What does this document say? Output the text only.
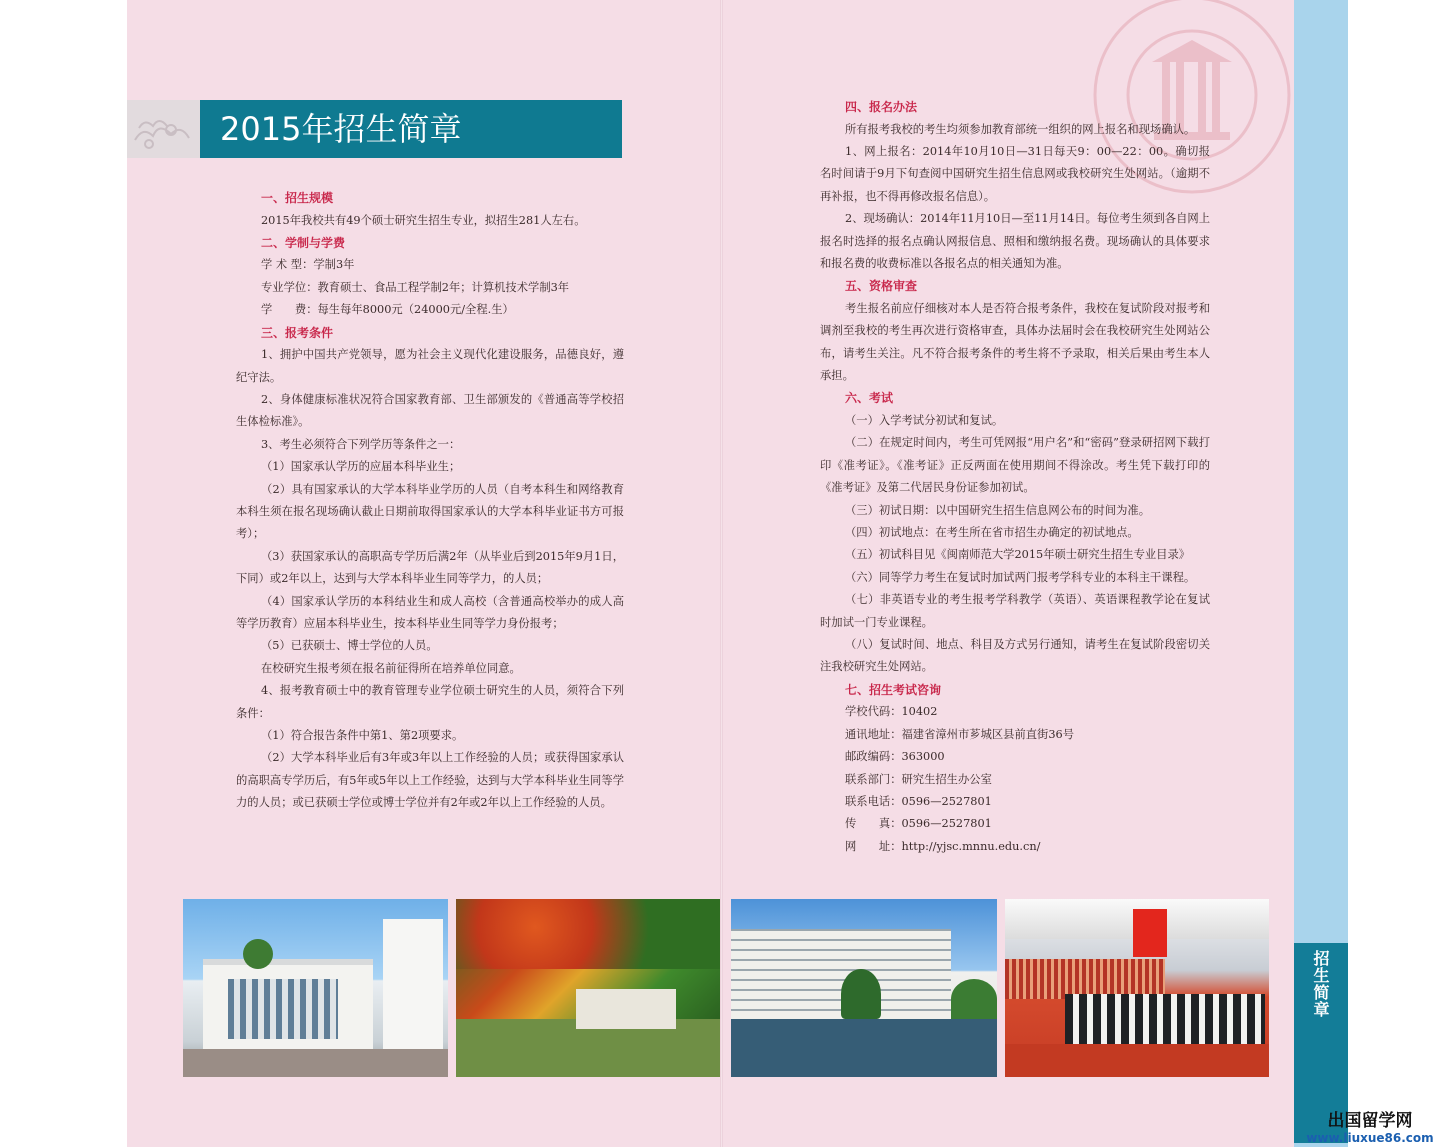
招生简章
2015年招生简章
一、招生规模
2015年我校共有49个硕士研究生招生专业，拟招生281人左右。
二、学制与学费
学 术 型：学制3年
专业学位：教育硕士、食品工程学制2年；计算机技术学制3年
学　　费：每生每年8000元（24000元/全程.生）
三、报考条件
1、拥护中国共产党领导，愿为社会主义现代化建设服务，品德良好，遵纪守法。
2、身体健康标准状况符合国家教育部、卫生部颁发的《普通高等学校招生体检标准》。
3、考生必须符合下列学历等条件之一：
（1）国家承认学历的应届本科毕业生；
（2）具有国家承认的大学本科毕业学历的人员（自考本科生和网络教育本科生须在报名现场确认截止日期前取得国家承认的大学本科毕业证书方可报考）；
（3）获国家承认的高职高专学历后满2年（从毕业后到2015年9月1日，下同）或2年以上，达到与大学本科毕业生同等学力，的人员；
（4）国家承认学历的本科结业生和成人高校（含普通高校举办的成人高等学历教育）应届本科毕业生，按本科毕业生同等学力身份报考；
（5）已获硕士、博士学位的人员。
在校研究生报考须在报名前征得所在培养单位同意。
4、报考教育硕士中的教育管理专业学位硕士研究生的人员，须符合下列条件：
（1）符合报告条件中第1、第2项要求。
（2）大学本科毕业后有3年或3年以上工作经验的人员；或获得国家承认的高职高专学历后，有5年或5年以上工作经验，达到与大学本科毕业生同等学力的人员；或已获硕士学位或博士学位并有2年或2年以上工作经验的人员。
四、报名办法
所有报考我校的考生均须参加教育部统一组织的网上报名和现场确认。
1、网上报名：2014年10月10日—31日每天9：00—22：00。确切报名时间请于9月下旬查阅中国研究生招生信息网或我校研究生处网站。（逾期不再补报，也不得再修改报名信息）。
2、现场确认：2014年11月10日—至11月14日。每位考生须到各自网上报名时选择的报名点确认网报信息、照相和缴纳报名费。现场确认的具体要求和报名费的收费标准以各报名点的相关通知为准。
五、资格审查
考生报名前应仔细核对本人是否符合报考条件，我校在复试阶段对报考和调剂至我校的考生再次进行资格审查，具体办法届时会在我校研究生处网站公布，请考生关注。凡不符合报考条件的考生将不予录取，相关后果由考生本人承担。
六、考试
（一）入学考试分初试和复试。
（二）在规定时间内，考生可凭网报“用户名”和“密码”登录研招网下载打印《准考证》。《准考证》正反两面在使用期间不得涂改。考生凭下载打印的《准考证》及第二代居民身份证参加初试。
（三）初试日期：以中国研究生招生信息网公布的时间为准。
（四）初试地点：在考生所在省市招生办确定的初试地点。
（五）初试科目见《闽南师范大学2015年硕士研究生招生专业目录》
（六）同等学力考生在复试时加试两门报考学科专业的本科主干课程。
（七）非英语专业的考生报考学科教学（英语）、英语课程教学论在复试时加试一门专业课程。
（八）复试时间、地点、科目及方式另行通知，请考生在复试阶段密切关注我校研究生处网站。
七、招生考试咨询
学校代码：10402
通讯地址：福建省漳州市芗城区县前直街36号
邮政编码：363000
联系部门：研究生招生办公室
联系电话：0596—2527801
传　　真：0596—2527801
网　　址：http://yjsc.mnnu.edu.cn/
出国留学网
www.liuxue86.com
